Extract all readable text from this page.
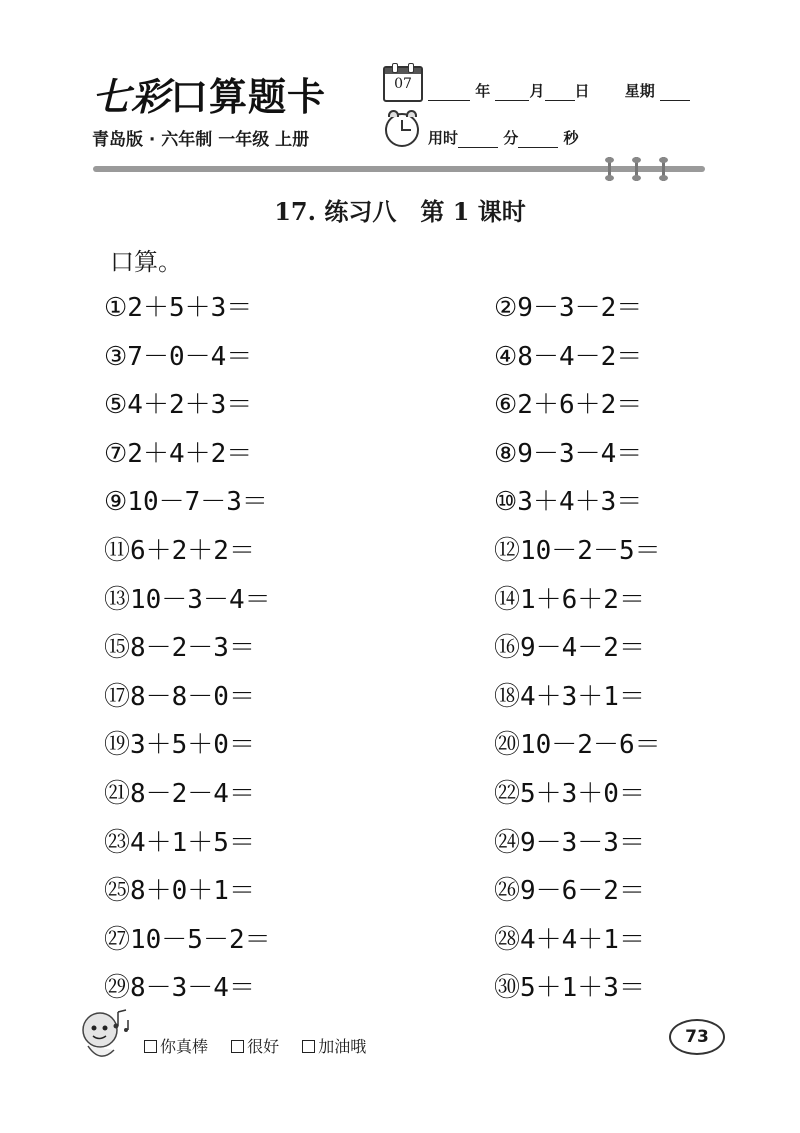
七彩口算题卡	07	年	月 日 星期
青岛版 · 六年制 一年级 上册	用时	分	秒
17. 练习八　第 1 课时
口算。
①2＋5＋3＝	②9－3－2＝
③7－0－4＝	④8－4－2＝
⑤4＋2＋3＝	⑥2＋6＋2＝
⑦2＋4＋2＝	⑧9－3－4＝
⑨10－7－3＝	⑩3＋4＋3＝
⑪6＋2＋2＝	⑫10－2－5＝
⑬10－3－4＝	⑭1＋6＋2＝
⑮8－2－3＝	⑯9－4－2＝
⑰8－8－0＝	⑱4＋3＋1＝
⑲3＋5＋0＝	⑳10－2－6＝
㉑8－2－4＝	㉒5＋3＋0＝
㉓4＋1＋5＝	㉔9－3－3＝
㉕8＋0＋1＝	㉖9－6－2＝
㉗10－5－2＝	㉘4＋4＋1＝
㉙8－3－4＝	㉚5＋1＋3＝
你真棒 很好 加油哦	73
